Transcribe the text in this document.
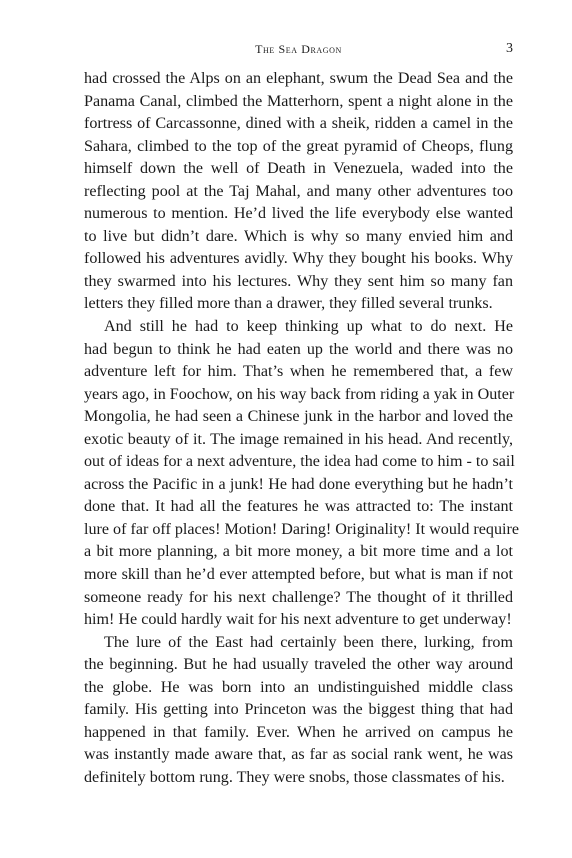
The Sea Dragon	3

had crossed the Alps on an elephant, swum the Dead Sea and the
Panama Canal, climbed the Matterhorn, spent a night alone in the
fortress of Carcassonne, dined with a sheik, ridden a camel in the
Sahara, climbed to the top of the great pyramid of Cheops, flung
himself down the well of Death in Venezuela, waded into the
reflecting pool at the Taj Mahal, and many other adventures too
numerous to mention. He’d lived the life everybody else wanted
to live but didn’t dare. Which is why so many envied him and
followed his adventures avidly. Why they bought his books. Why
they swarmed into his lectures. Why they sent him so many fan
letters they filled more than a drawer, they filled several trunks.

And still he had to keep thinking up what to do next. He
had begun to think he had eaten up the world and there was no
adventure left for him. That’s when he remembered that, a few
years ago, in Foochow, on his way back from riding a yak in Outer
Mongolia, he had seen a Chinese junk in the harbor and loved the
exotic beauty of it. The image remained in his head. And recently,
out of ideas for a next adventure, the idea had come to him - to sail
across the Pacific in a junk! He had done everything but he hadn’t
done that. It had all the features he was attracted to: The instant
lure of far off places! Motion! Daring! Originality! It would require
a bit more planning, a bit more money, a bit more time and a lot
more skill than he’d ever attempted before, but what is man if not
someone ready for his next challenge? The thought of it thrilled
him! He could hardly wait for his next adventure to get underway!

The lure of the East had certainly been there, lurking, from
the beginning. But he had usually traveled the other way around
the globe. He was born into an undistinguished middle class
family. His getting into Princeton was the biggest thing that had
happened in that family. Ever. When he arrived on campus he
was instantly made aware that, as far as social rank went, he was
definitely bottom rung. They were snobs, those classmates of his.
